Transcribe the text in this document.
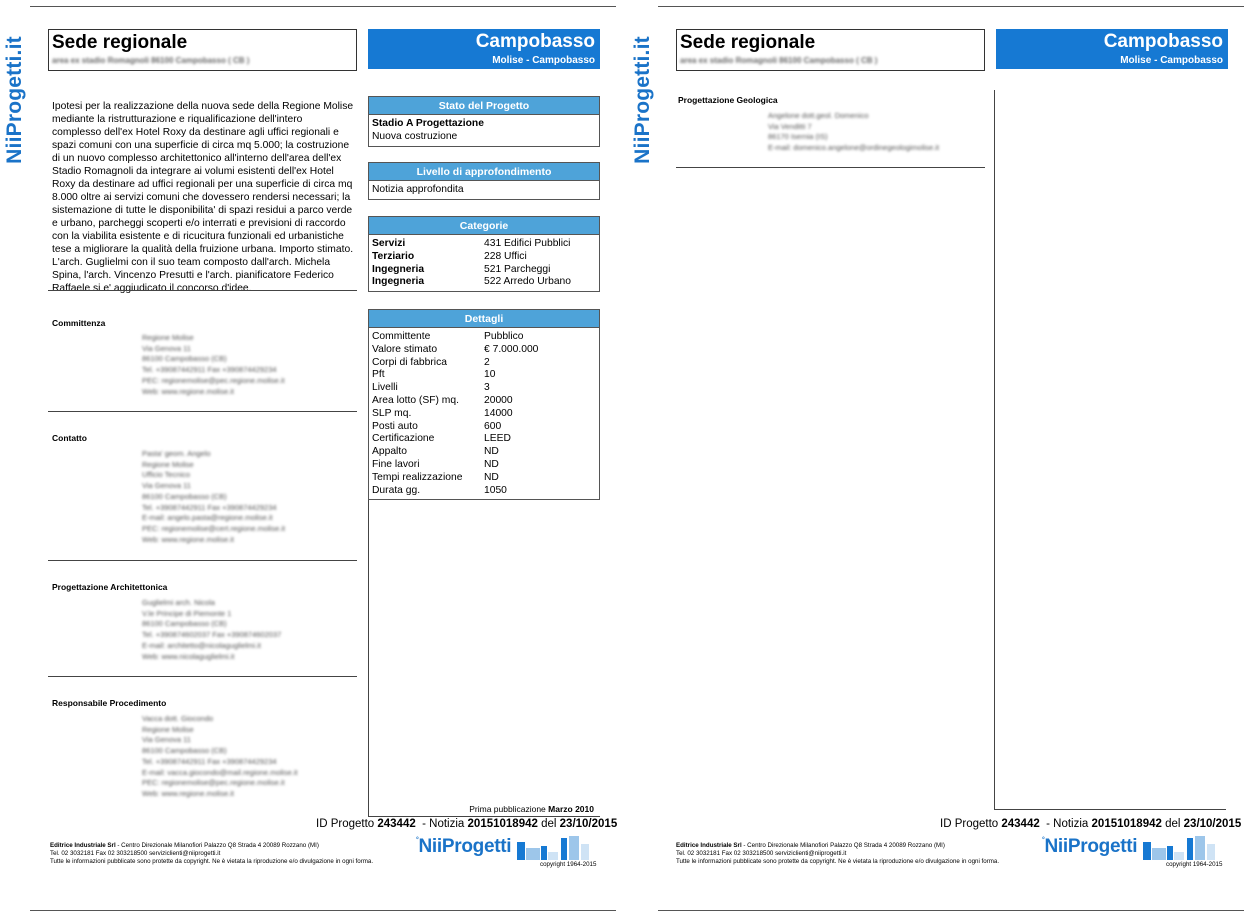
NiiProgetti.it Sede regionale
area ex stadio Romagnoli 86100 Campobasso ( CB )
Campobasso
Molise - Campobasso
Ipotesi per la realizzazione della nuova sede della Regione Molise mediante la ristrutturazione e riqualificazione dell'intero complesso dell'ex Hotel Roxy da destinare agli uffici regionali e spazi comuni con una superficie di circa mq 5.000; la costruzione di un nuovo complesso architettonico all'interno dell'area dell'ex Stadio Romagnoli da integrare ai volumi esistenti dell'ex Hotel Roxy da destinare ad uffici regionali per una superficie di circa mq 8.000 oltre ai servizi comuni che dovessero rendersi necessari; la sistemazione di tutte le disponibilita' di spazi residui a parco verde e urbano, parcheggi scoperti e/o interrati e previsioni di raccordo con la viabilita esistente e di ricucitura funzionali ed urbanistiche tese a migliorare la qualità della fruizione urbana. Importo stimato. L'arch. Guglielmi con il suo team composto dall'arch. Michela Spina, l'arch. Vincenzo Presutti e l'arch. pianificatore Federico Raffaele si e' aggiudicato il concorso d'idee.
Committenza
Regione Molise
Via Genova 11
86100 Campobasso (CB)
Tel. +39087442911 Fax +390874429234
PEC: regionemolise@pec.regione.molise.it
Web: www.regione.molise.it
Contatto
Pasta' geom. Angelo
Regione Molise
Ufficio Tecnico
Via Genova 11
86100 Campobasso (CB)
Tel. +39087442911 Fax +390874429234
E-mail: angelo.pasta@regione.molise.it
PEC: regionemolise@cert.regione.molise.it
Web: www.regione.molise.it
Progettazione Architettonica
Guglielmi arch. Nicola
V.le Principe di Piemonte 1
86100 Campobasso (CB)
Tel. +390874602037 Fax +390874602037
E-mail: architetto@nicolaguglielmi.it
Web: www.nicolaguglielmi.it
Responsabile Procedimento
Vacca dott. Giocondo
Regione Molise
Via Genova 11
86100 Campobasso (CB)
Tel. +39087442911 Fax +390874429234
E-mail: vacca.giocondo@mail.regione.molise.it
PEC: regionemolise@pec.regione.molise.it
Web: www.regione.molise.it
Stato del Progetto
Stadio A Progettazione
Nuova costruzione
Livello di approfondimento
Notizia approfondita
Categorie
Servizi	431 Edifici Pubblici
Terziario	228 Uffici
Ingegneria	521 Parcheggi
Ingegneria	522 Arredo Urbano
Dettagli
Committente	Pubblico
Valore stimato	€ 7.000.000
Corpi di fabbrica	2
Pft	10
Livelli	3
Area lotto (SF) mq.	20000
SLP mq.	14000
Posti auto	600
Certificazione	LEED
Appalto	ND
Fine lavori	ND
Tempi realizzazione	ND
Durata gg.	1050
Prima pubblicazione Marzo 2010
ID Progetto 243442 - Notizia 20151018942 del 23/10/2015
Editrice Industriale Srl - Centro Direzionale Milanofiori Palazzo Q8 Strada 4 20089 Rozzano (MI)
Tel. 02 3032181 Fax 02 303218500 serviziclienti@niiprogetti.it
Tutte le informazioni pubblicate sono protette da copyright. Ne è vietata la riproduzione e/o divulgazione in ogni forma.
°NiiProgetti
copyright 1964-2015
NiiProgetti.it Sede regionale
area ex stadio Romagnoli 86100 Campobasso ( CB )
Campobasso
Molise - Campobasso
Progettazione Geologica
Angelone dott.geol. Domenico
Via Venditti 7
86170 Isernia (IS)
E-mail: domenico.angelone@ordinegeologimolise.it
ID Progetto 243442 - Notizia 20151018942 del 23/10/2015
Editrice Industriale Srl - Centro Direzionale Milanofiori Palazzo Q8 Strada 4 20089 Rozzano (MI)
Tel. 02 3032181 Fax 02 303218500 serviziclienti@niiprogetti.it
Tutte le informazioni pubblicate sono protette da copyright. Ne è vietata la riproduzione e/o divulgazione in ogni forma.
°NiiProgetti
copyright 1964-2015
